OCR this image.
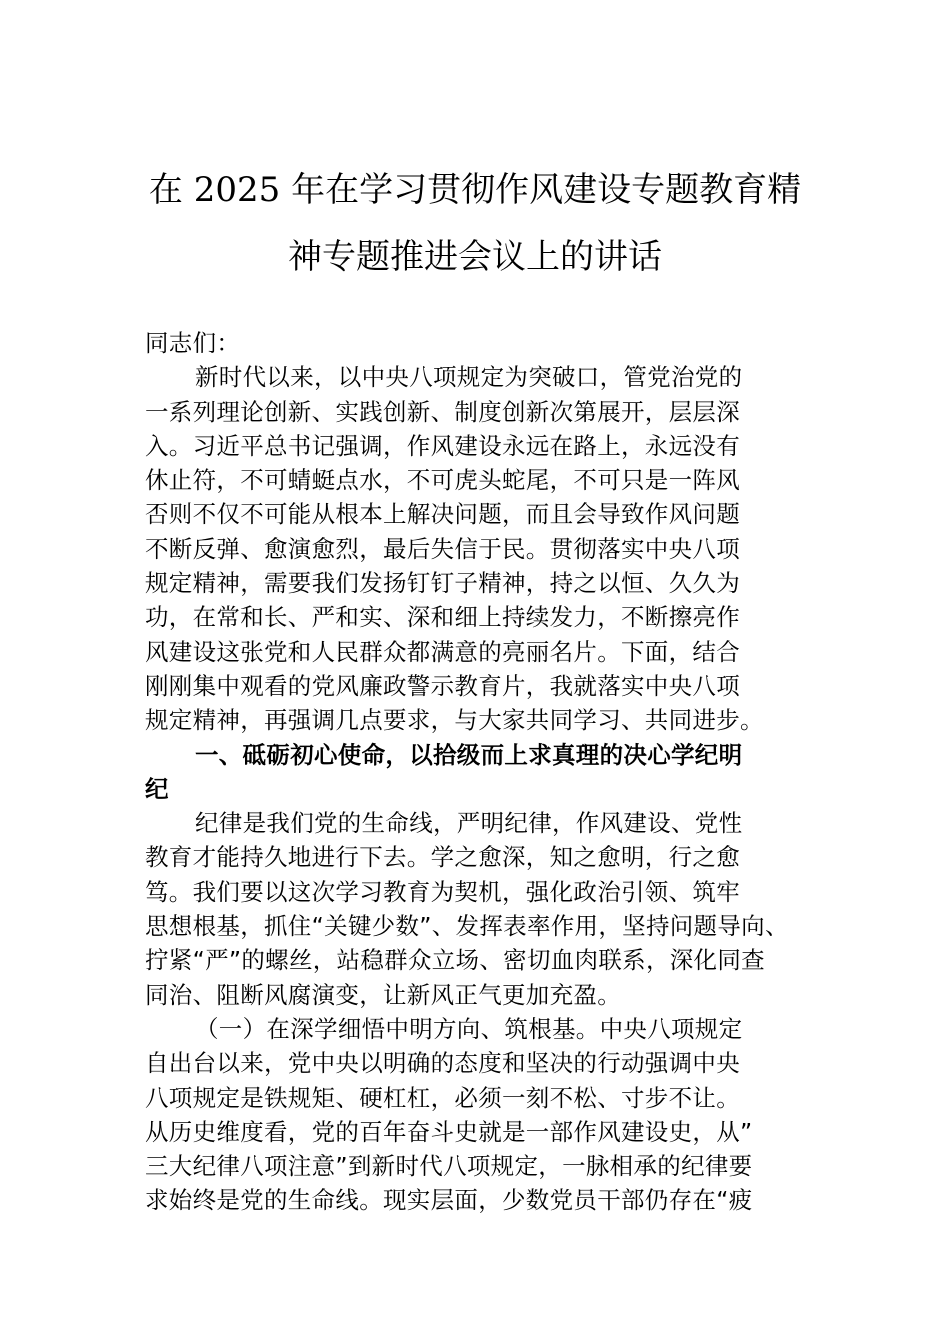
在 2025 年在学习贯彻作风建设专题教育精
神专题推进会议上的讲话
同志们：
新时代以来，以中央八项规定为突破口，管党治党的
一系列理论创新、实践创新、制度创新次第展开，层层深
入。习近平总书记强调，作风建设永远在路上，永远没有
休止符，不可蜻蜓点水，不可虎头蛇尾，不可只是一阵风
否则不仅不可能从根本上解决问题，而且会导致作风问题
不断反弹、愈演愈烈，最后失信于民。贯彻落实中央八项
规定精神，需要我们发扬钉钉子精神，持之以恒、久久为
功，在常和长、严和实、深和细上持续发力，不断擦亮作
风建设这张党和人民群众都满意的亮丽名片。下面，结合
刚刚集中观看的党风廉政警示教育片，我就落实中央八项
规定精神，再强调几点要求，与大家共同学习、共同进步。
一、砥砺初心使命，以拾级而上求真理的决心学纪明
纪
纪律是我们党的生命线，严明纪律，作风建设、党性
教育才能持久地进行下去。学之愈深，知之愈明，行之愈
笃。我们要以这次学习教育为契机，强化政治引领、筑牢
思想根基，抓住“关键少数”、发挥表率作用，坚持问题导向、
拧紧“严”的螺丝，站稳群众立场、密切血肉联系，深化同查
同治、阻断风腐演变，让新风正气更加充盈。
（一）在深学细悟中明方向、筑根基。中央八项规定
自出台以来，党中央以明确的态度和坚决的行动强调中央
八项规定是铁规矩、硬杠杠，必须一刻不松、寸步不让。
从历史维度看，党的百年奋斗史就是一部作风建设史，从”
三大纪律八项注意”到新时代八项规定，一脉相承的纪律要
求始终是党的生命线。现实层面，少数党员干部仍存在“疲
